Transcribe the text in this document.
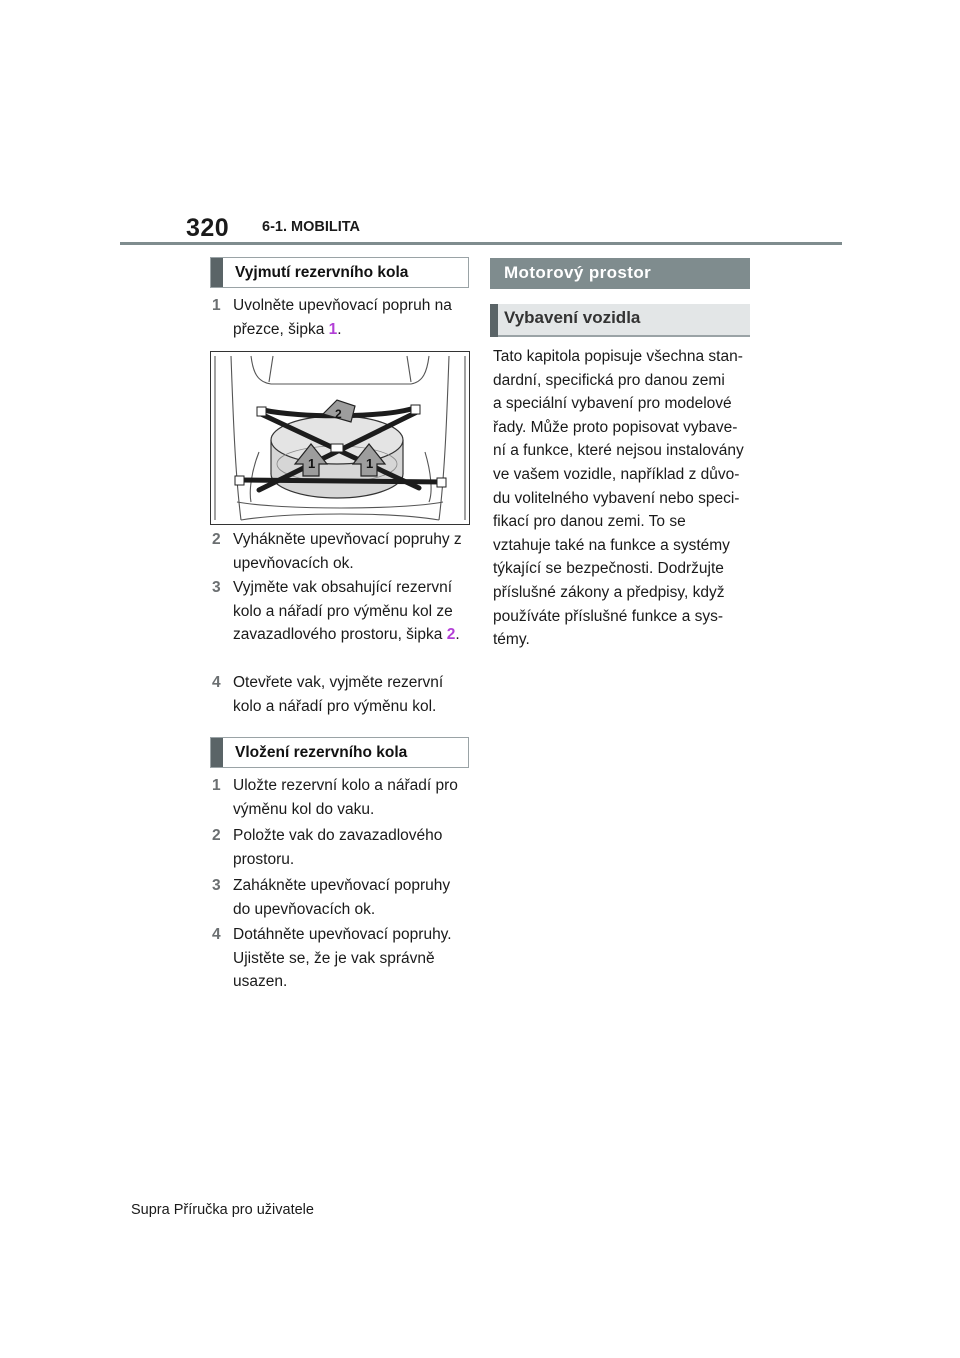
320 6-1. MOBILITA
Vyjmutí rezervního kola
1 Uvolněte upevňovací popruh na přezce, šipka 1.
1	1
2
2 Vyhákněte upevňovací popruhy z upevňovacích ok.
3 Vyjměte vak obsahující rezervní kolo a nářadí pro výměnu kol ze zavazadlového prostoru, šipka 2.
4 Otevřete vak, vyjměte rezervní kolo a nářadí pro výměnu kol.
Vložení rezervního kola
1 Uložte rezervní kolo a nářadí pro výměnu kol do vaku.
2 Položte vak do zavazadlového prostoru.
3 Zahákněte upevňovací popruhy do upevňovacích ok.
4 Dotáhněte upevňovací popruhy. Ujistěte se, že je vak správně usazen.
Motorový prostor
Vybavení vozidla
Tato kapitola popisuje všechna stan-
dardní, specifická pro danou zemi
a speciální vybavení pro modelové
řady. Může proto popisovat vybave-
ní a funkce, které nejsou instalovány
ve vašem vozidle, například z důvo-
du volitelného vybavení nebo speci-
fikací pro danou zemi. To se
vztahuje také na funkce a systémy
týkající se bezpečnosti. Dodržujte
příslušné zákony a předpisy, když
používáte příslušné funkce a sys-
témy.
Supra Příručka pro uživatele
